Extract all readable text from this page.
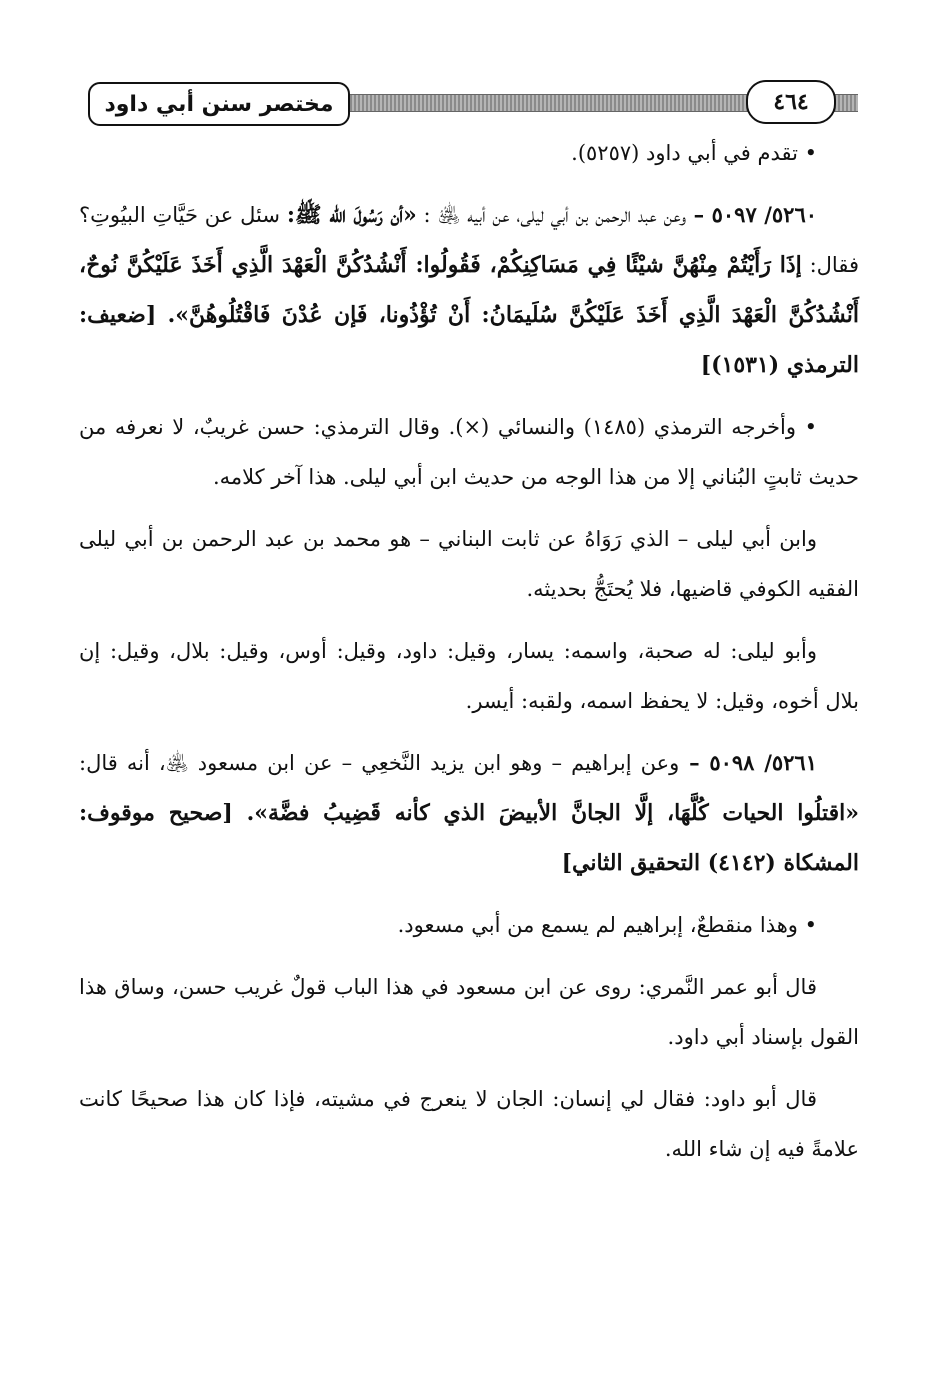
مختصر سنن أبي داود	٤٦٤

• تقدم في أبي داود (٥٢٥٧).

٥٢٦٠/ ٥٠٩٧ – وعن عبد الرحمن بن أبي ليلى، عن أبيه ﵁ : «أن رَسُولَ الله ﷺ: سئل عن حَيَّاتِ البيُوتِ؟ فقال: إذَا رَأَيْتُمْ مِنْهُنَّ شيْئًا فِي مَسَاكِنِكُمْ، فَقُولُوا: أَنْشُدُكُنَّ الْعَهْدَ الَّذِي أَخَذَ عَلَيْكُنَّ نُوحٌ، أَنْشُدُكُنَّ الْعَهْدَ الَّذِي أَخَذَ عَلَيْكُنَّ سُلَيمَانُ: أَنْ تُؤْذُونا، فَإن عُدْنَ فَاقْتُلُوهُنَّ». [ضعيف: الترمذي (١٥٣١)]

• وأخرجه الترمذي (١٤٨٥) والنسائي (×). وقال الترمذي: حسن غريبٌ، لا نعرفه من حديث ثابتٍ البُناني إلا من هذا الوجه من حديث ابن أبي ليلى. هذا آخر كلامه.

وابن أبي ليلى – الذي رَوَاهُ عن ثابت البناني – هو محمد بن عبد الرحمن بن أبي ليلى الفقيه الكوفي قاضيها، فلا يُحتَجُّ بحديثه.

وأبو ليلى: له صحبة، واسمه: يسار، وقيل: داود، وقيل: أوس، وقيل: بلال، وقيل: إن بلال أخوه، وقيل: لا يحفظ اسمه، ولقبه: أيسر.

٥٢٦١/ ٥٠٩٨ – وعن إبراهيم – وهو ابن يزيد النَّخعِي – عن ابن مسعود ﵁، أنه قال: «اقتلُوا الحيات كُلَّهَا، إلَّا الجانَّ الأبيضَ الذي كأنه قَضِيبُ فضَّة». [صحيح موقوف: المشكاة (٤١٤٢) التحقيق الثاني]

• وهذا منقطعٌ، إبراهيم لم يسمع من أبي مسعود.

قال أبو عمر النَّمري: روى عن ابن مسعود في هذا الباب قولٌ غريب حسن، وساق هذا القول بإسناد أبي داود.

قال أبو داود: فقال لي إنسان: الجان لا ينعرج في مشيته، فإذا كان هذا صحيحًا كانت علامةً فيه إن شاء الله.
